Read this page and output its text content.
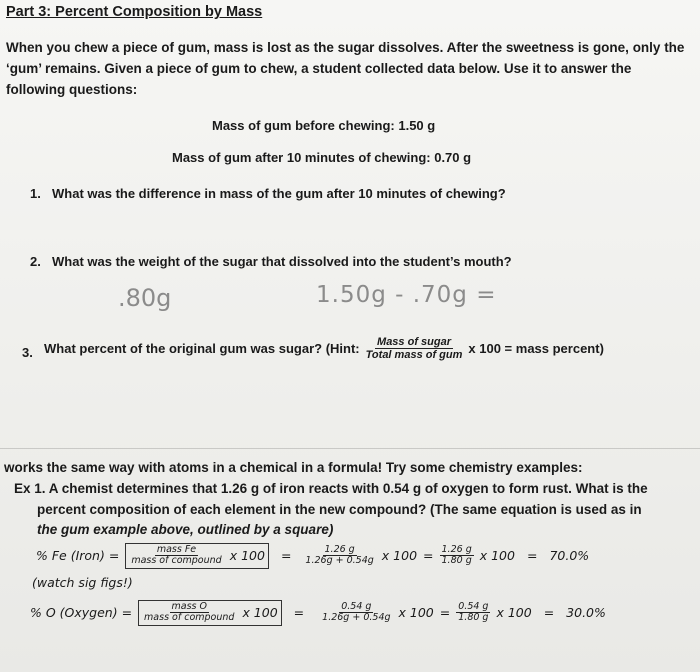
Part 3: Percent Composition by Mass
When you chew a piece of gum, mass is lost as the sugar dissolves. After the sweetness is gone, only the
‘gum’ remains. Given a piece of gum to chew, a student collected data below. Use it to answer the
following questions:
Mass of gum before chewing: 1.50 g
Mass of gum after 10 minutes of chewing: 0.70 g
1. What was the difference in mass of the gum after 10 minutes of chewing?
2. What was the weight of the sugar that dissolved into the student’s mouth?
.80g	1.50g - .70g =
3. What percent of the original gum was sugar? (Hint: $\frac{\text{Mass of sugar}}{\text{Total mass of gum}}$ x 100 = mass percent)
works the same way with atoms in a chemical in a formula! Try some chemistry examples:
Ex 1. A chemist determines that 1.26 g of iron reacts with 0.54 g of oxygen to form rust. What is the
percent composition of each element in the new compound? (The same equation is used as in
the gum example above, outlined by a square)
% Fe (Iron) = $\frac{\text{mass Fe}}{\text{mass of compound}}$ x $100 = \frac{1.26 g}{1.26g + 0.54g}$ x $100 = \frac{1.26 g}{1.80 g}$ x 100 = 70.0%
(watch sig figs!)
% O (Oxygen) = $\frac{\text{mass O}}{\text{mass of compound}}$ x $100 = \frac{0.54 g}{1.26g + 0.54g}$ x $100 = \frac{0.54 g}{1.80 g}$ x 100 = 30.0%
